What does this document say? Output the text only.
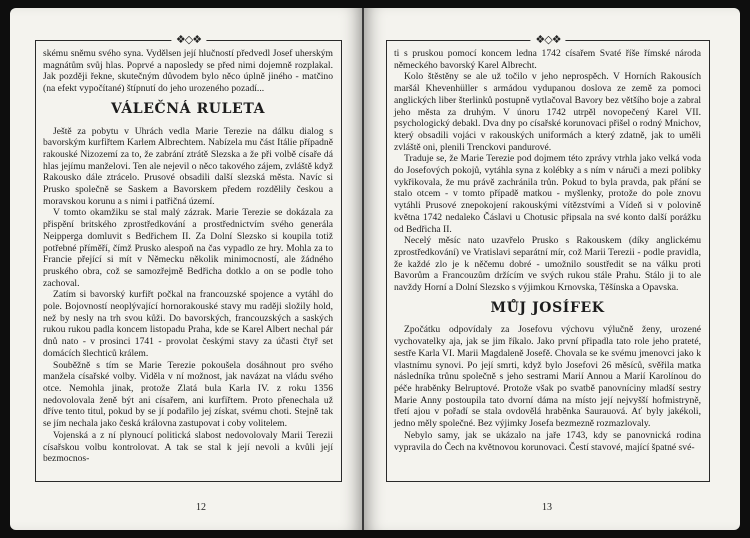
❖◇❖

skému sněmu svého syna. Vydělsen její hlučností předvedl Josef uherským magnátům svůj hlas. Poprvé a naposledy se před nimi dojemně rozplakal. Jak později řekne, skutečným důvodem bylo něco úplně jiného - matčino (na efekt vypočítané) štípnutí do jeho urozeného pozadí...

VÁLEČNÁ RULETA

Ještě za pobytu v Uhrách vedla Marie Terezie na dálku dialog s bavorským kurfiřtem Karlem Albrechtem. Nabízela mu část Itálie případně rakouské Nizozemí za to, že zabrání ztrátě Slezska a že při volbě císaře dá hlas jejímu manželovi. Ten ale nejevil o něco takového zájem, zvláště když Rakousko dále ztrácelo. Prusové obsadili další slezská města. Navíc si Prusko společně se Saskem a Bavorskem předem rozdělily českou a moravskou korunu a s nimi i patřičná území.

V tomto okamžiku se stal malý zázrak. Marie Terezie se dokázala za přispění britského zprostředkování a prostřednictvím svého generála Neipperga domluvit s Bedřichem II. Za Dolní Slezsko si koupila totiž potřebné příměří, čímž Prusko alespoň na čas vypadlo ze hry. Mohla za to Francie přející si mít v Německu několik minimocností, ale žádného pruského obra, což se samozřejmě Bedřicha dotklo a on se podle toho zachoval.

Zatím si bavorský kurfiřt počkal na francouzské spojence a vytáhl do pole. Bojovností neoplývající hornorakouské stavy mu raději složily hold, než by nesly na trh svou kůži. Do bavorských, francouzských a saských rukou rukou padla koncem listopadu Praha, kde se Karel Albert nechal pár dnů nato - v prosinci 1741 - provolat českými stavy za účasti čtyř set domácích šlechticů králem.

Souběžně s tím se Marie Terezie pokoušela dosáhnout pro svého manžela císařské volby. Viděla v ní možnost, jak navázat na vládu svého otce. Nemohla jinak, protože Zlatá bula Karla IV. z roku 1356 nedovolovala ženě být ani císařem, ani kurfiřtem. Proto přenechala už dříve tento titul, pokud by se jí podařilo jej získat, svému choti. Stejně tak se jím nechala jako česká královna zastupovat i coby volitelem.

Vojenská a z ní plynoucí politická slabost nedovolovaly Marii Terezii císařskou volbu kontrolovat. A tak se stal k její nevoli a kvůli její bezmocnos-

12
❖◇❖

ti s pruskou pomocí koncem ledna 1742 císařem Svaté říše římské národa německého bavorský Karel Albrecht.

Kolo štěstěny se ale už točilo v jeho neprospěch. V Horních Rakousích maršál Khevenhüller s armádou vydupanou doslova ze země za pomoci anglických liber šterlinků postupně vytlačoval Bavory bez většího boje a zabral jeho města za druhým. V únoru 1742 utrpěl novopečený Karel VII. psychologický debakl. Dva dny po císařské korunovaci přišel o rodný Mnichov, který obsadili vojáci v rakouských uniformách a který zdatně, jak to uměli zvláště oni, plenili Trenckovi pandurové.

Traduje se, že Marie Terezie pod dojmem této zprávy vtrhla jako velká voda do Josefových pokojů, vytáhla syna z kolébky a s ním v náruči a mezi polibky vykřikovala, že mu právě zachránila trůn. Pokud to byla pravda, pak přání se stalo otcem - v tomto případě matkou - myšlenky, protože do pole znovu vytáhli Prusové znepokojení rakouskými vítězstvími a Vídeň si v polovině května 1742 nedaleko Čáslavi u Chotusic připsala na své konto další porážku od Bedřicha II.

Necelý měsíc nato uzavřelo Prusko s Rakouskem (díky anglickému zprostředkování) ve Vratislavi separátní mír, což Marii Terezii - podle pravidla, že každé zlo je k něčemu dobré - umožnilo soustředit se na válku proti Bavorům a Francouzům držícím ve svých rukou stále Prahu. Stálo ji to ale navždy Horní a Dolní Slezsko s výjimkou Krnovska, Těšínska a Opavska.

MŮJ JOSÍFEK

Zpočátku odpovídaly za Josefovu výchovu výlučně ženy, urozené vychovatelky aja, jak se jim říkalo. Jako první připadla tato role jeho prateté, sestře Karla VI. Marii Magdaleně Josefě. Chovala se ke svému jmenovci jako k vlastnímu synovi. Po její smrti, když bylo Josefovi 26 měsíců, svěřila matka následníka trůnu společně s jeho sestrami Marií Annou a Marií Karolínou do péče hraběnky Belruptové. Protože však po svatbě panovníciny mladší sestry Marie Anny postoupila tato dvorní dáma na místo její nejvyšší hofmistryně, třetí ajou v pořadí se stala ovdovělá hraběnka Saurauová. Ať byly jakékoli, jedno měly společné. Bez výjimky Josefa bezmezně rozmazlovaly.

Nebylo samy, jak se ukázalo na jaře 1743, kdy se panovnická rodina vypravila do Čech na květnovou korunovaci. Čestí stavové, mající špatné své-

13
